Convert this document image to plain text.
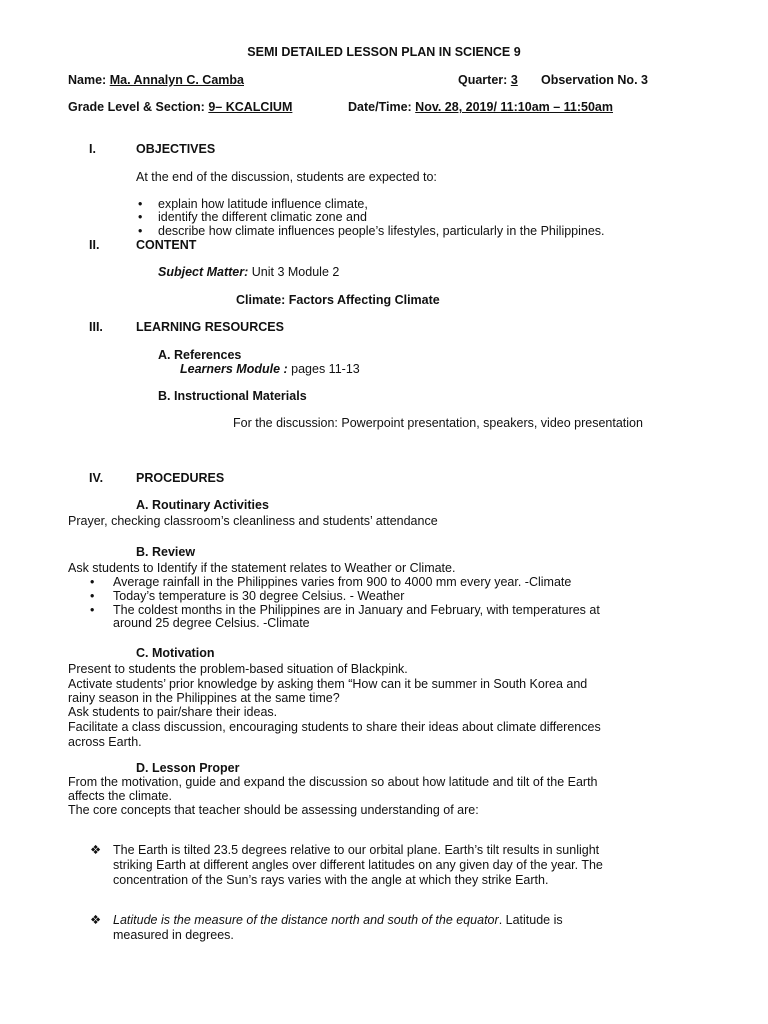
SEMI DETAILED LESSON PLAN IN SCIENCE 9
Name: Ma. Annalyn C. Camba	Quarter: 3 Observation No. 3
Grade Level & Section: 9– KCALCIUM	Date/Time: Nov. 28, 2019/ 11:10am – 11:50am
I.	OBJECTIVES
At the end of the discussion, students are expected to:
•
explain how latitude influence climate,
•
identify the different climatic zone and
•
describe how climate influences people’s lifestyles, particularly in the Philippines.
II.	CONTENT
Subject Matter: Unit 3 Module 2
Climate: Factors Affecting Climate
III.	LEARNING RESOURCES
A. References
Learners Module : pages 11-13
B. Instructional Materials
For the discussion: Powerpoint presentation, speakers, video presentation
IV.	PROCEDURES
A. Routinary Activities
Prayer, checking classroom’s cleanliness and students’ attendance
B. Review
Ask students to Identify if the statement relates to Weather or Climate.
•
Average rainfall in the Philippines varies from 900 to 4000 mm every year. -Climate
•
Today’s temperature is 30 degree Celsius. - Weather
•
The coldest months in the Philippines are in January and February, with temperatures at
around 25 degree Celsius. -Climate
C. Motivation
Present to students the problem-based situation of Blackpink.
Activate students’ prior knowledge by asking them “How can it be summer in South Korea and
rainy season in the Philippines at the same time?
Ask students to pair/share their ideas.
Facilitate a class discussion, encouraging students to share their ideas about climate differences
across Earth.
D. Lesson Proper
From the motivation, guide and expand the discussion so about how latitude and tilt of the Earth
affects the climate.
The core concepts that teacher should be assessing understanding of are:
❖ The Earth is tilted 23.5 degrees relative to our orbital plane. Earth’s tilt results in sunlight
striking Earth at different angles over different latitudes on any given day of the year. The
concentration of the Sun’s rays varies with the angle at which they strike Earth.
❖ Latitude is the measure of the distance north and south of the equator. Latitude is
measured in degrees.
